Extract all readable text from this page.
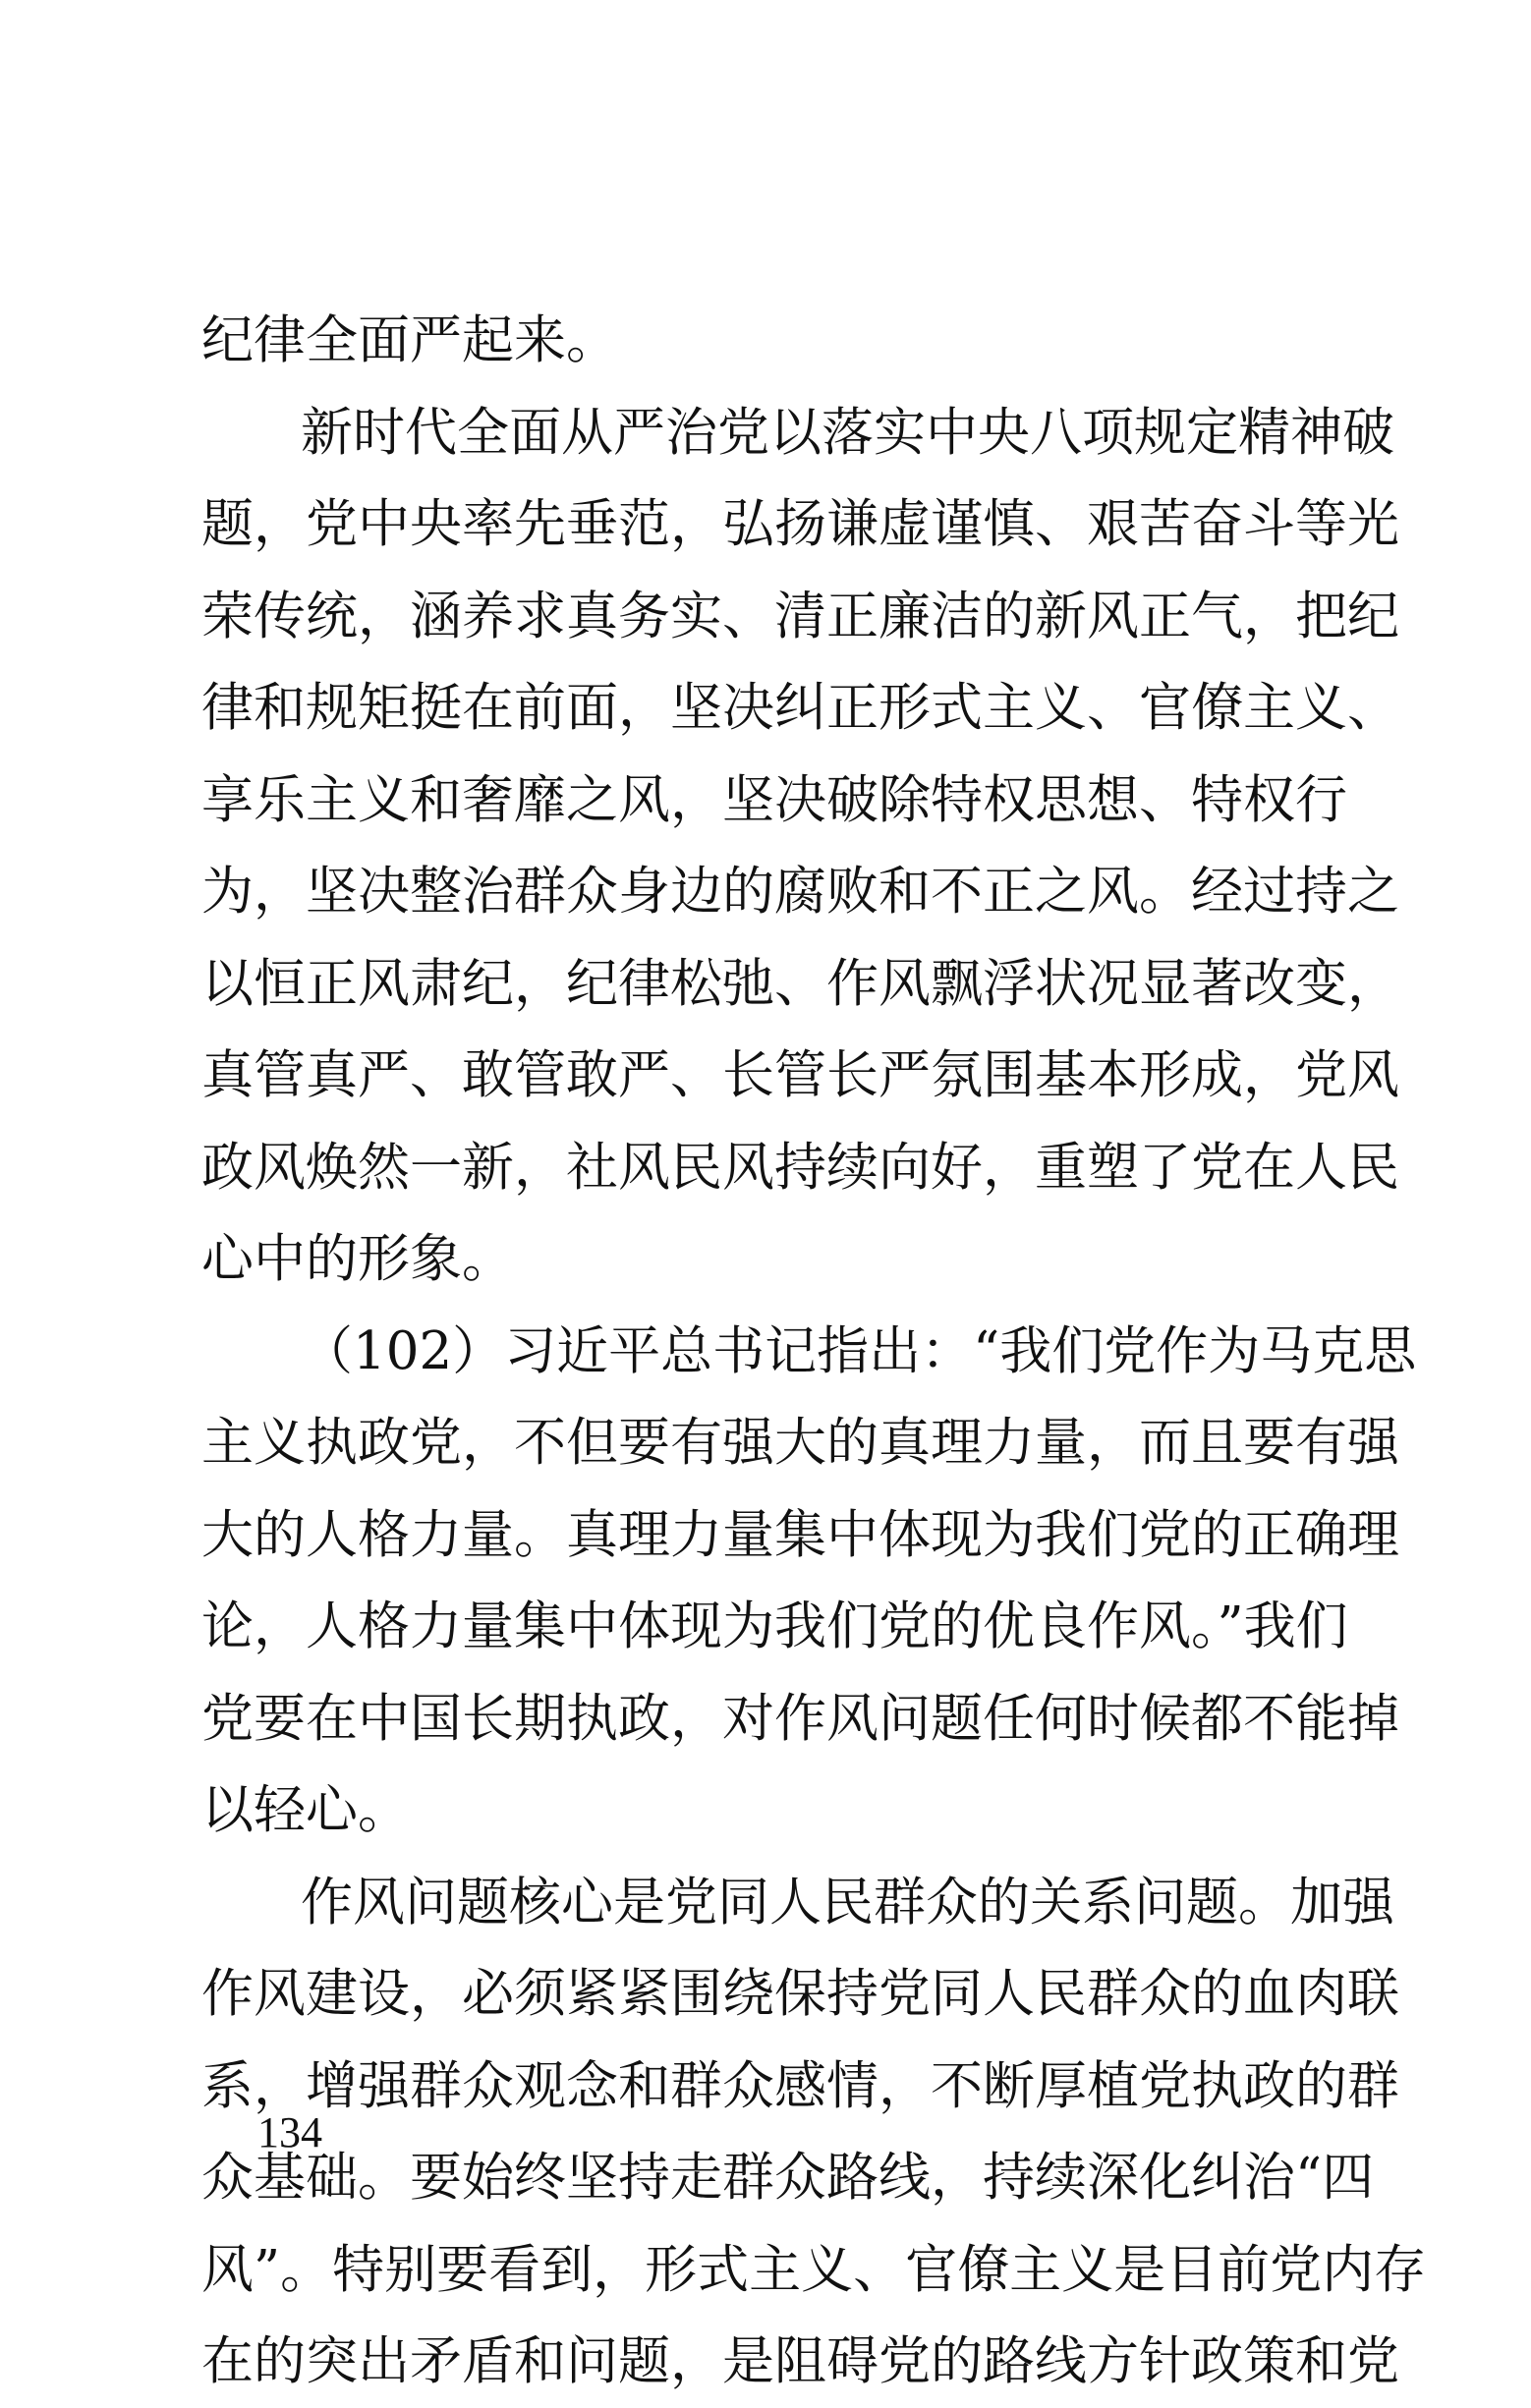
纪律全面严起来。
新时代全面从严治党以落实中央八项规定精神破
题，党中央率先垂范，弘扬谦虚谨慎、艰苦奋斗等光
荣传统，涵养求真务实、清正廉洁的新风正气，把纪
律和规矩挺在前面，坚决纠正形式主义、官僚主义、
享乐主义和奢靡之风，坚决破除特权思想、特权行
为，坚决整治群众身边的腐败和不正之风。经过持之
以恒正风肃纪，纪律松弛、作风飘浮状况显著改变，
真管真严、敢管敢严、长管长严氛围基本形成，党风
政风焕然一新，社风民风持续向好，重塑了党在人民
心中的形象。
（102）习近平总书记指出：“我们党作为马克思
主义执政党，不但要有强大的真理力量，而且要有强
大的人格力量。真理力量集中体现为我们党的正确理
论，人格力量集中体现为我们党的优良作风。”我们
党要在中国长期执政，对作风问题任何时候都不能掉
以轻心。
作风问题核心是党同人民群众的关系问题。加强
作风建设，必须紧紧围绕保持党同人民群众的血肉联
系，增强群众观念和群众感情，不断厚植党执政的群
众基础。要始终坚持走群众路线，持续深化纠治“四
风”。特别要看到，形式主义、官僚主义是目前党内存
在的突出矛盾和问题，是阻碍党的路线方针政策和党
134
